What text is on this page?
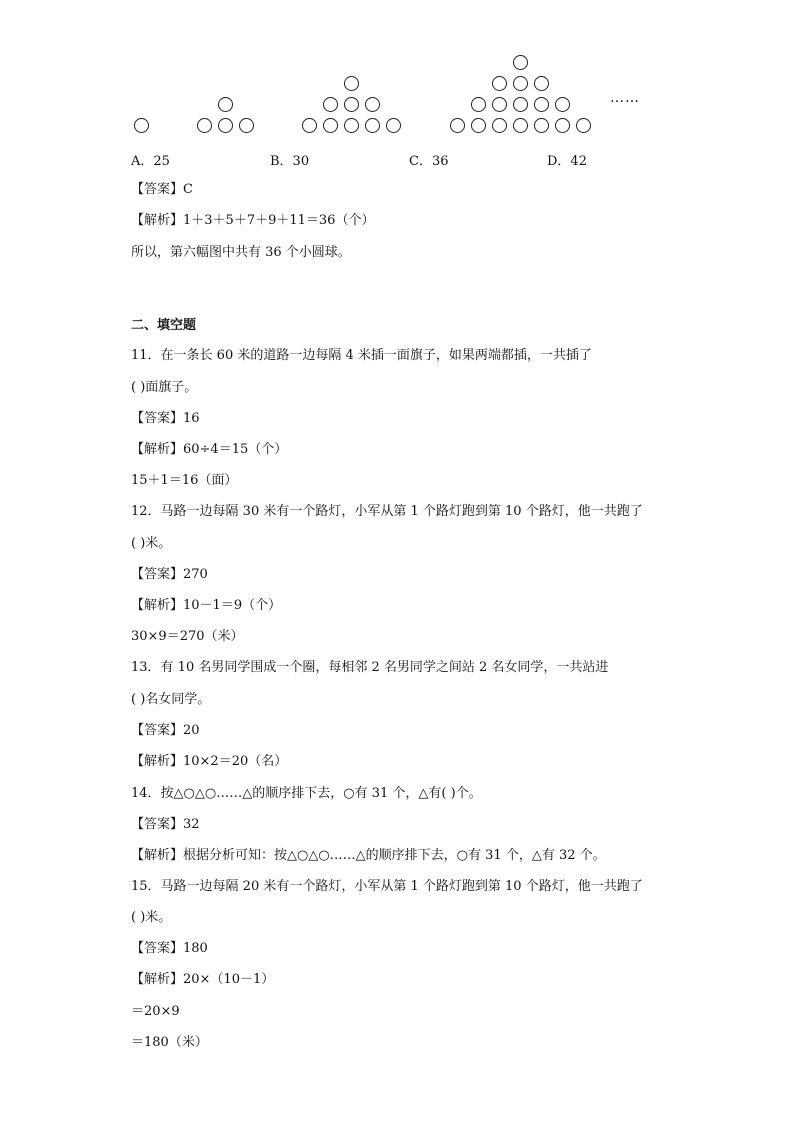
……
A．25	B．30	C．36	D．42
【答案】C
【解析】1＋3＋5＋7＋9＋11＝36（个）
所以，第六幅图中共有 36 个小圆球。
二、填空题
11．在一条长 60 米的道路一边每隔 4 米插一面旗子，如果两端都插，一共插了
( )面旗子。
【答案】16
【解析】60÷4＝15（个）
15＋1＝16（面）
12．马路一边每隔 30 米有一个路灯，小军从第 1 个路灯跑到第 10 个路灯，他一共跑了
( )米。
【答案】270
【解析】10－1＝9（个）
30×9＝270（米）
13．有 10 名男同学围成一个圈，每相邻 2 名男同学之间站 2 名女同学，一共站进
( )名女同学。
【答案】20
【解析】10×2＝20（名）
14．按△○△○……△的顺序排下去，○有 31 个，△有( )个。
【答案】32
【解析】根据分析可知：按△○△○……△的顺序排下去，○有 31 个，△有 32 个。
15．马路一边每隔 20 米有一个路灯，小军从第 1 个路灯跑到第 10 个路灯，他一共跑了
( )米。
【答案】180
【解析】20×（10－1）
＝20×9
＝180（米）
